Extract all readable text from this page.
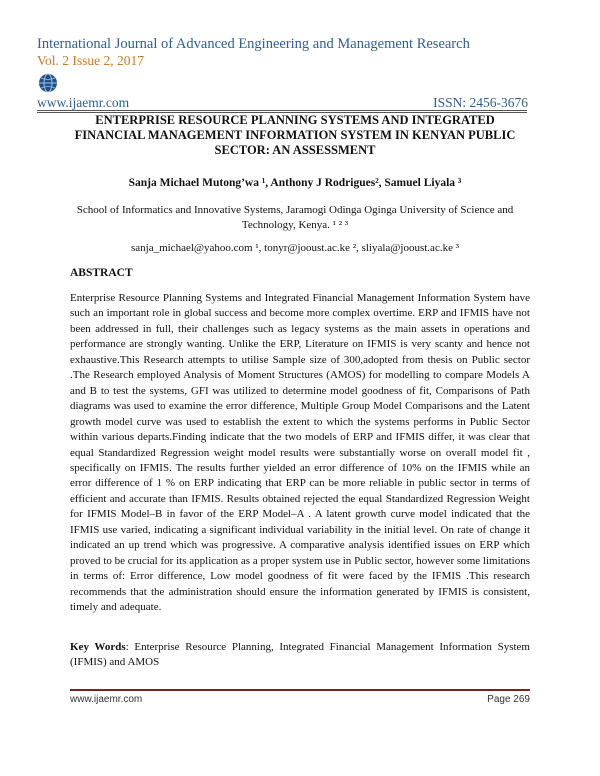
International Journal of Advanced Engineering and Management Research
Vol. 2 Issue 2, 2017
www.ijaemr.com	ISSN: 2456-3676
ENTERPRISE RESOURCE PLANNING SYSTEMS AND INTEGRATED FINANCIAL MANAGEMENT INFORMATION SYSTEM IN KENYAN PUBLIC SECTOR: AN ASSESSMENT
Sanja Michael Mutong’wa ¹, Anthony J Rodrigues², Samuel Liyala ³
School of Informatics and Innovative Systems, Jaramogi Odinga Oginga University of Science and Technology, Kenya. ¹ ² ³
sanja_michael@yahoo.com ¹, tonyr@jooust.ac.ke ², sliyala@jooust.ac.ke ³
ABSTRACT

Enterprise Resource Planning Systems and Integrated Financial Management Information System have such an important role in global success and become more complex overtime. ERP and IFMIS have not been addressed in full, their challenges such as legacy systems as the main assets in operations and performance are strongly wanting. Unlike the ERP, Literature on IFMIS is very scanty and hence not exhaustive.This Research attempts to utilise Sample size of 300,adopted from thesis on Public sector .The Research employed Analysis of Moment Structures (AMOS) for modelling to compare Models A and B to test the systems, GFI was utilized to determine model goodness of fit, Comparisons of Path diagrams was used to examine the error difference, Multiple Group Model Comparisons and the Latent growth model curve was used to establish the extent to which the systems performs in Public Sector within various departs.Finding indicate that the two models of ERP and IFMIS differ, it was clear that equal Standardized Regression weight model results were substantially worse on overall model fit , specifically on IFMIS. The results further yielded an error difference of 10% on the IFMIS while an error difference of 1 % on ERP indicating that ERP can be more reliable in public sector in terms of efficient and accurate than IFMIS. Results obtained rejected the equal Standardized Regression Weight for IFMIS Model–B in favor of the ERP Model–A . A latent growth curve model indicated that the IFMIS use varied, indicating a significant individual variability in the initial level. On rate of change it indicated an up trend which was progressive. A comparative analysis identified issues on ERP which proved to be crucial for its application as a proper system use in Public sector, however some limitations in terms of: Error difference, Low model goodness of fit were faced by the IFMIS .This research recommends that the administration should ensure the information generated by IFMIS is consistent, timely and adequate.

Key Words: Enterprise Resource Planning, Integrated Financial Management Information System (IFMIS) and AMOS

www.ijaemr.com	Page 269
